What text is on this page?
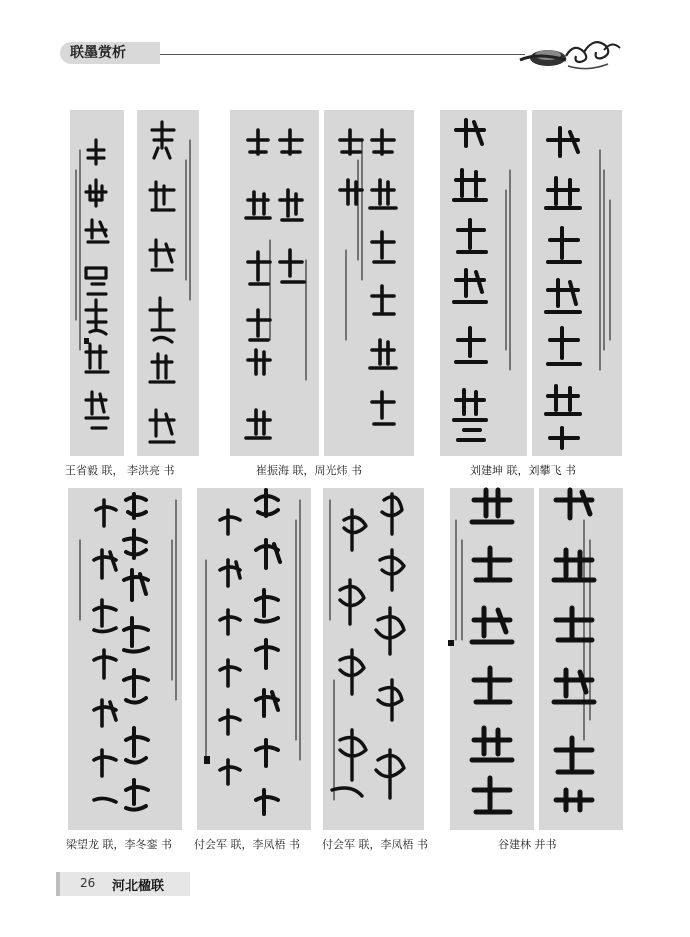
联墨赏析
王省毅 联， 李洪亮 书	崔振海 联，周光炜 书	刘建坤 联，刘攀飞 书
梁望龙 联，李冬銮 书 付会军 联，李凤梧 书 付会军 联，李凤梧 书	谷建林 并书
26 河北楹联
